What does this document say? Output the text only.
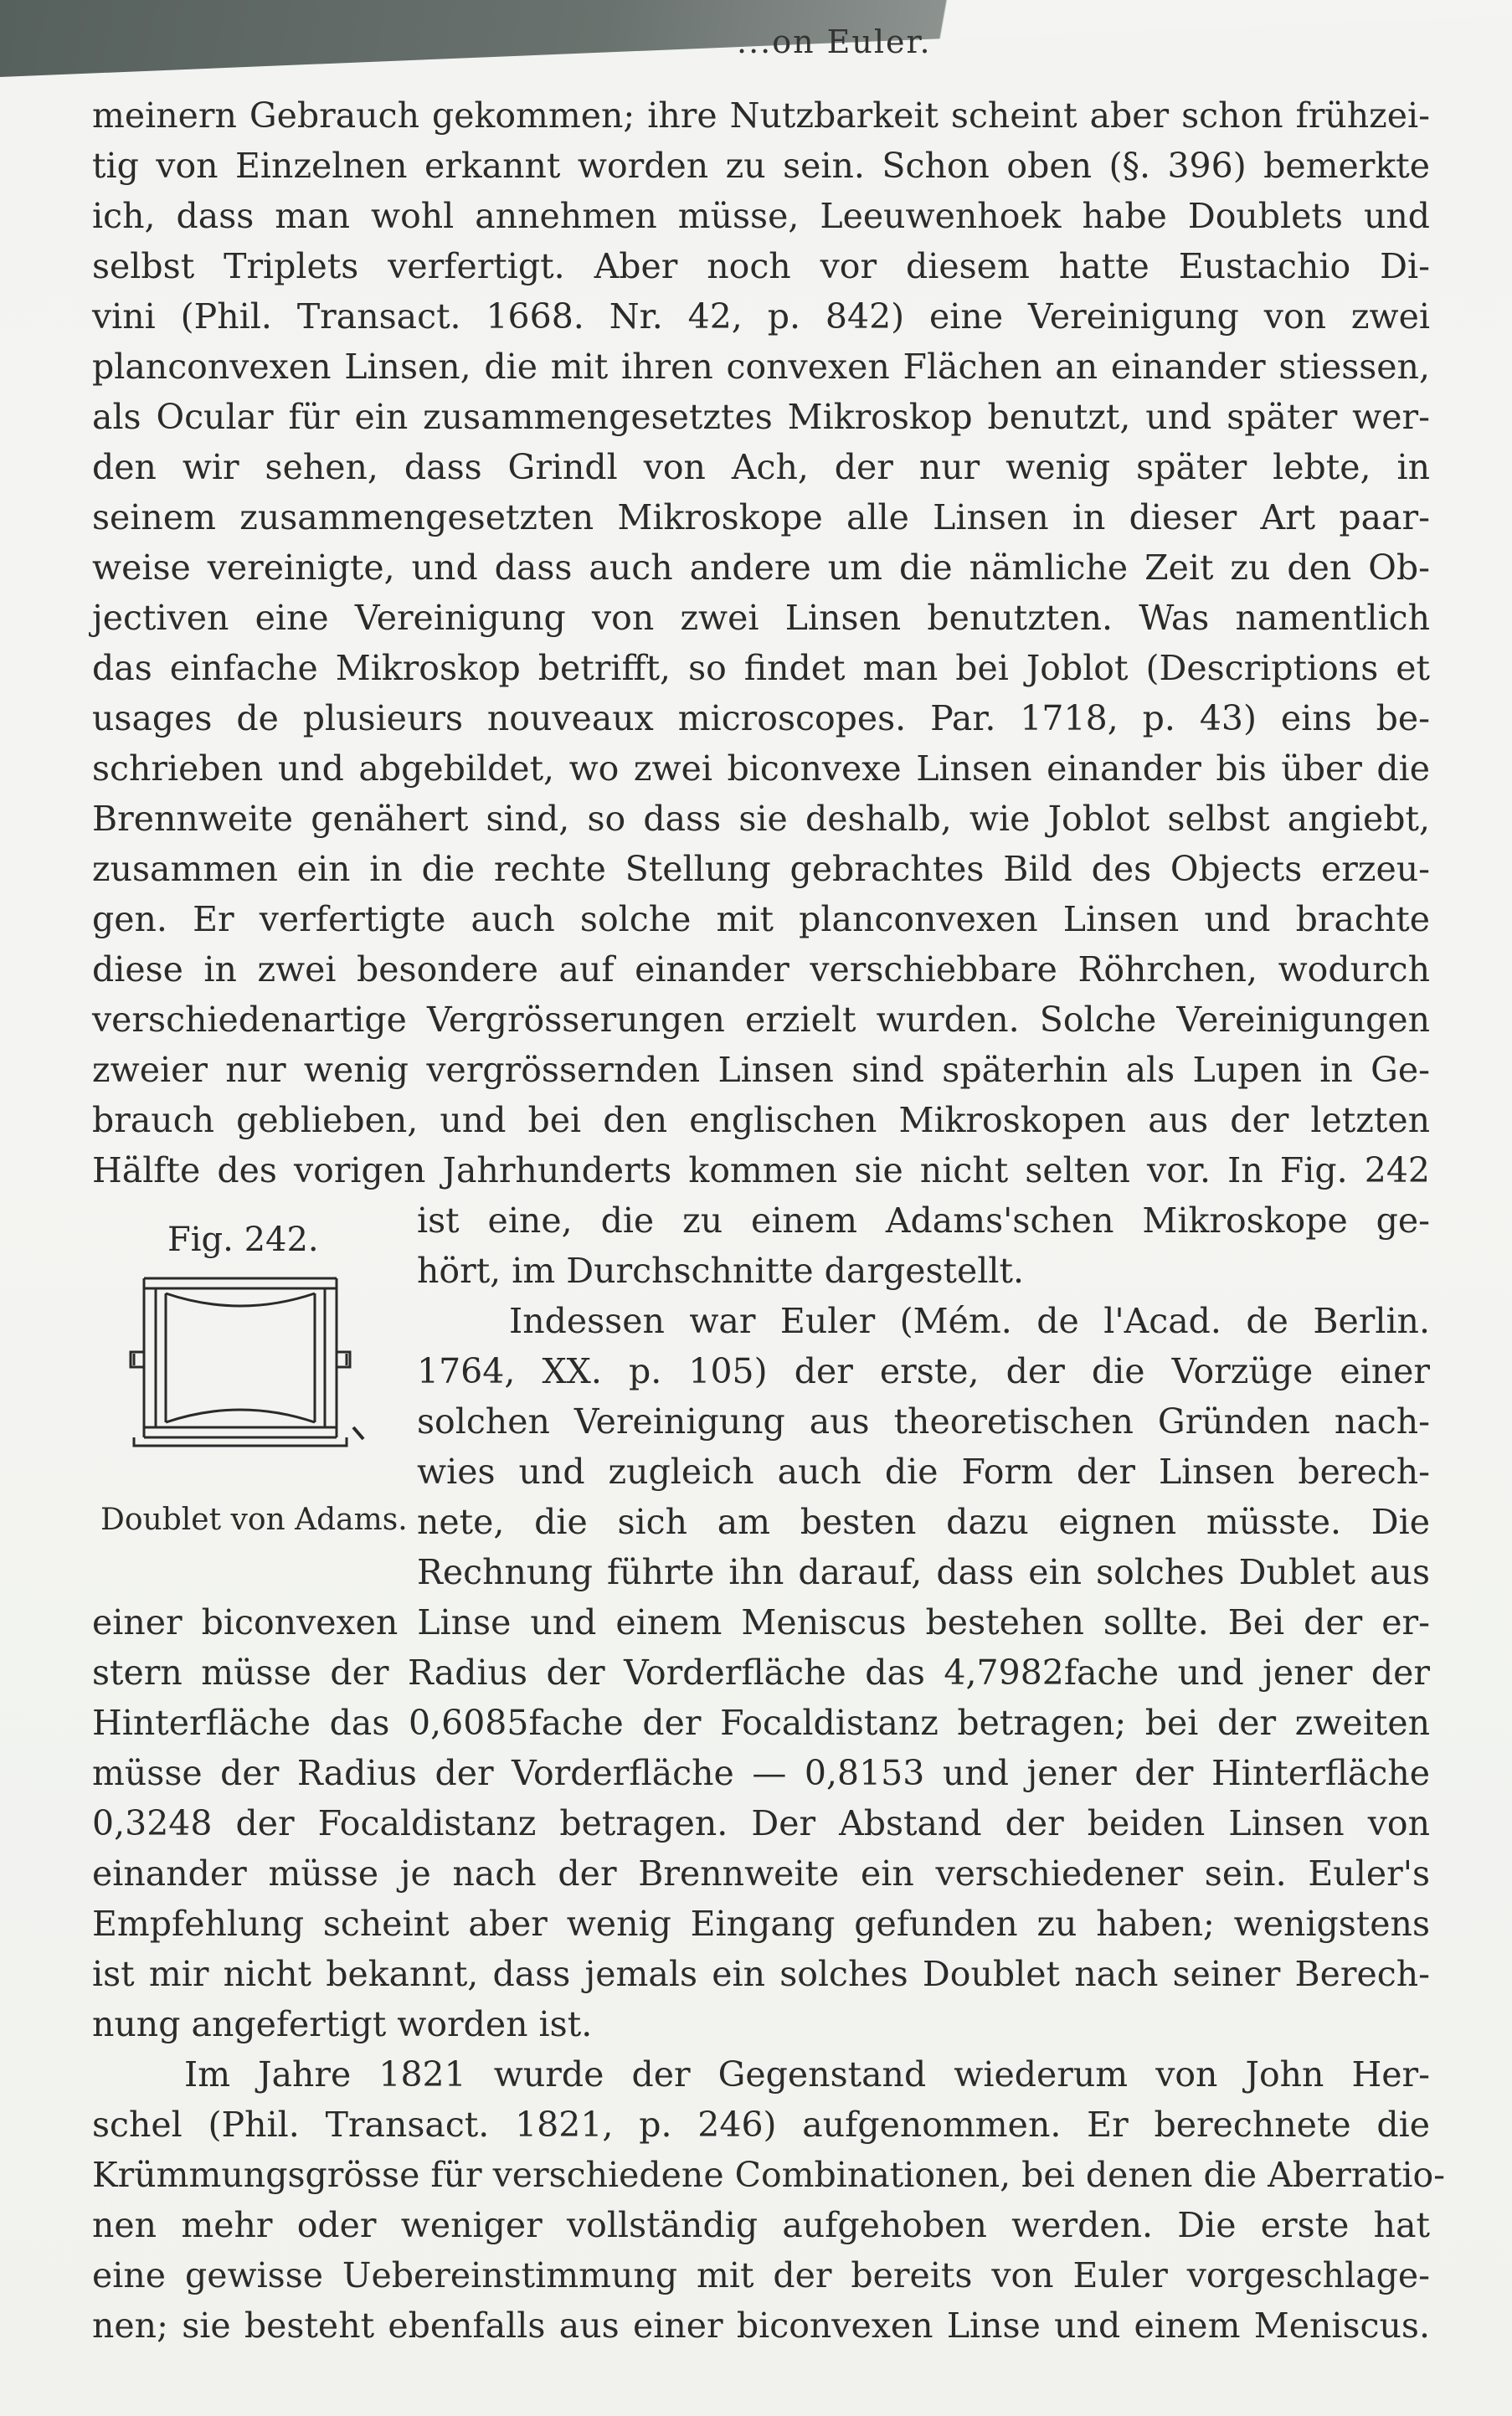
...on Euler.
meinern Gebrauch gekommen; ihre Nutzbarkeit scheint aber schon frühzei-
tig von Einzelnen erkannt worden zu sein. Schon oben (§. 396) bemerkte
ich, dass man wohl annehmen müsse, Leeuwenhoek habe Doublets und
selbst Triplets verfertigt. Aber noch vor diesem hatte Eustachio Di-
vini (Phil. Transact. 1668. Nr. 42, p. 842) eine Vereinigung von zwei
planconvexen Linsen, die mit ihren convexen Flächen an einander stiessen,
als Ocular für ein zusammengesetztes Mikroskop benutzt, und später wer-
den wir sehen, dass Grindl von Ach, der nur wenig später lebte, in
seinem zusammengesetzten Mikroskope alle Linsen in dieser Art paar-
weise vereinigte, und dass auch andere um die nämliche Zeit zu den Ob-
jectiven eine Vereinigung von zwei Linsen benutzten. Was namentlich
das einfache Mikroskop betrifft, so findet man bei Joblot (Descriptions et
usages de plusieurs nouveaux microscopes. Par. 1718, p. 43) eins be-
schrieben und abgebildet, wo zwei biconvexe Linsen einander bis über die
Brennweite genähert sind, so dass sie deshalb, wie Joblot selbst angiebt,
zusammen ein in die rechte Stellung gebrachtes Bild des Objects erzeu-
gen. Er verfertigte auch solche mit planconvexen Linsen und brachte
diese in zwei besondere auf einander verschiebbare Röhrchen, wodurch
verschiedenartige Vergrösserungen erzielt wurden. Solche Vereinigungen
zweier nur wenig vergrössernden Linsen sind späterhin als Lupen in Ge-
brauch geblieben, und bei den englischen Mikroskopen aus der letzten
Hälfte des vorigen Jahrhunderts kommen sie nicht selten vor. In Fig. 242
ist eine, die zu einem Adams'schen Mikroskope ge-
hört, im Durchschnitte dargestellt.
Indessen war Euler (Mém. de l'Acad. de Berlin.
1764, XX. p. 105) der erste, der die Vorzüge einer
solchen Vereinigung aus theoretischen Gründen nach-
wies und zugleich auch die Form der Linsen berech-
nete, die sich am besten dazu eignen müsste. Die
Rechnung führte ihn darauf, dass ein solches Dublet aus
einer biconvexen Linse und einem Meniscus bestehen sollte. Bei der er-
stern müsse der Radius der Vorderfläche das 4,7982fache und jener der
Hinterfläche das 0,6085fache der Focaldistanz betragen; bei der zweiten
müsse der Radius der Vorderfläche — 0,8153 und jener der Hinterfläche
0,3248 der Focaldistanz betragen. Der Abstand der beiden Linsen von
einander müsse je nach der Brennweite ein verschiedener sein. Euler's
Empfehlung scheint aber wenig Eingang gefunden zu haben; wenigstens
ist mir nicht bekannt, dass jemals ein solches Doublet nach seiner Berech-
nung angefertigt worden ist.
Im Jahre 1821 wurde der Gegenstand wiederum von John Her-
schel (Phil. Transact. 1821, p. 246) aufgenommen. Er berechnete die
Krümmungsgrösse für verschiedene Combinationen, bei denen die Aberratio-
nen mehr oder weniger vollständig aufgehoben werden. Die erste hat
eine gewisse Uebereinstimmung mit der bereits von Euler vorgeschlage-
nen; sie besteht ebenfalls aus einer biconvexen Linse und einem Meniscus.
Fig. 242.
Doublet von Adams.
